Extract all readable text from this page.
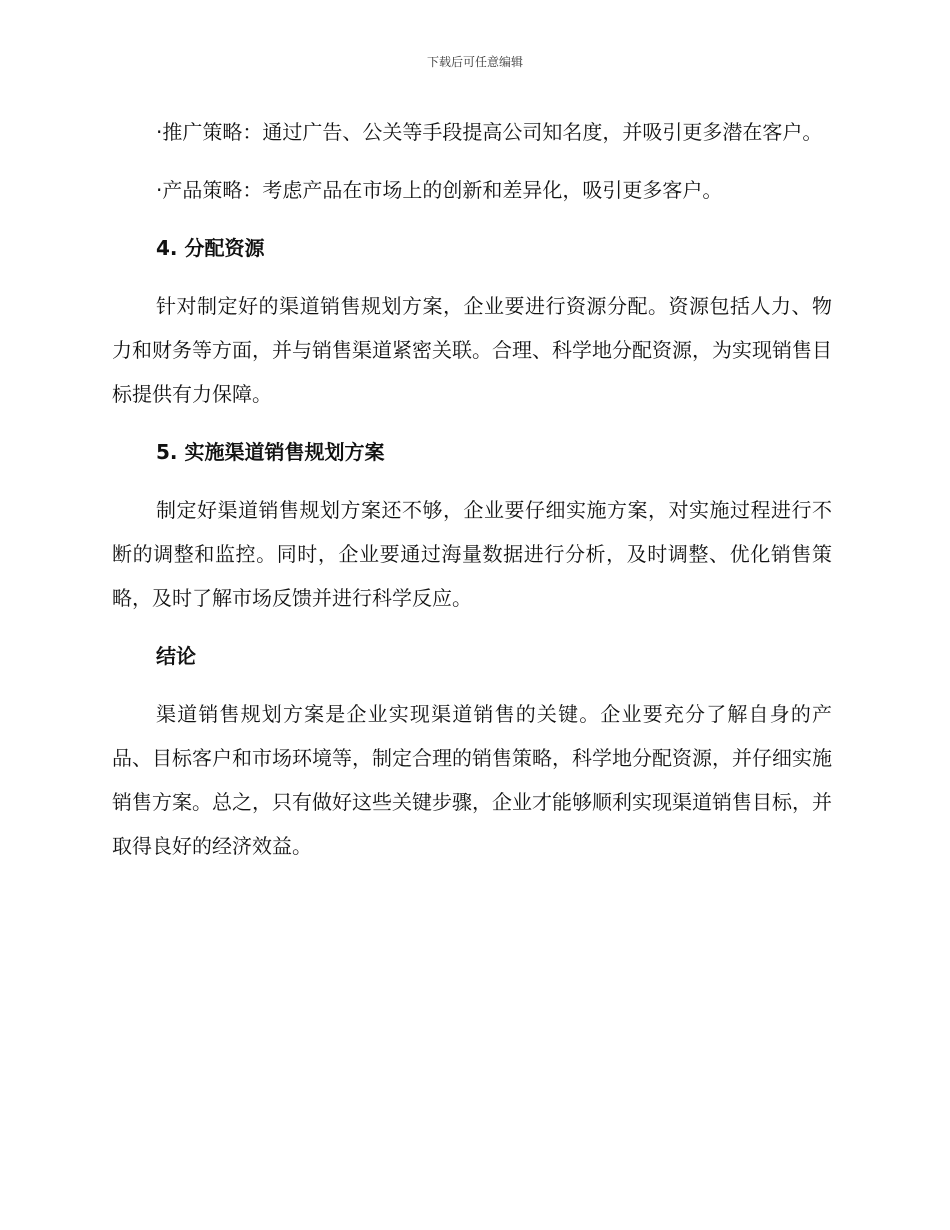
下载后可任意编辑

·推广策略：通过广告、公关等手段提高公司知名度，并吸引更多潜在客户。

·产品策略：考虑产品在市场上的创新和差异化，吸引更多客户。

4. 分配资源

针对制定好的渠道销售规划方案，企业要进行资源分配。资源包括人力、物力和财务等方面，并与销售渠道紧密关联。合理、科学地分配资源，为实现销售目标提供有力保障。

5. 实施渠道销售规划方案

制定好渠道销售规划方案还不够，企业要仔细实施方案，对实施过程进行不断的调整和监控。同时，企业要通过海量数据进行分析，及时调整、优化销售策略，及时了解市场反馈并进行科学反应。

结论

渠道销售规划方案是企业实现渠道销售的关键。企业要充分了解自身的产品、目标客户和市场环境等，制定合理的销售策略，科学地分配资源，并仔细实施销售方案。总之，只有做好这些关键步骤，企业才能够顺利实现渠道销售目标，并取得良好的经济效益。
